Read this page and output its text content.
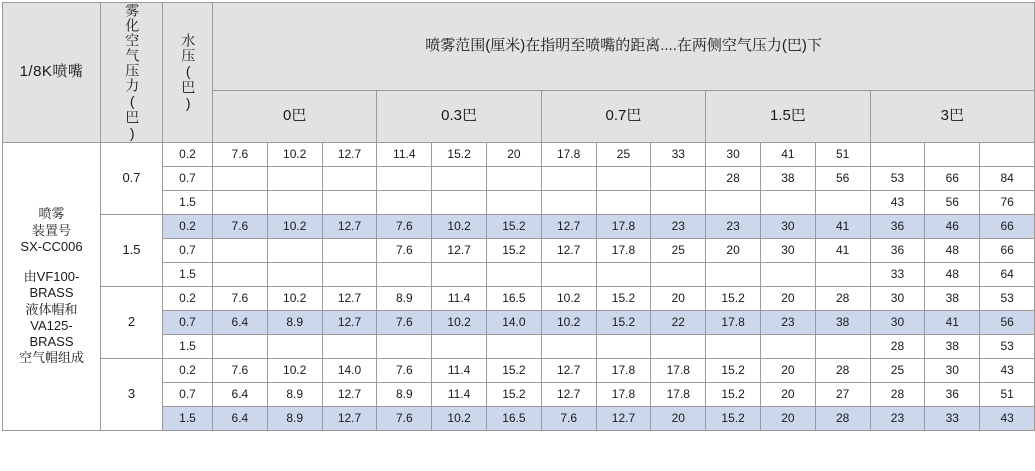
1/8K喷嘴	雾化空气压力(巴)	水压(巴)	喷雾范围(厘米)在指明至喷嘴的距离....在两侧空气压力(巴)下														
			0巴			0.3巴			0.7巴			1.5巴			3巴		

喷雾
装置号
SX-CC006
由VF100-
BRASS
液体帽和
VA125-
BRASS
空气帽组成
	0.7	0.2	7.6	10.2	12.7	11.4	15.2	20	17.8	25	33	30	41	51			
		0.7										28	38	56	53	66	84
		1.5													43	56	76
	1.5	0.2	7.6	10.2	12.7	7.6	10.2	15.2	12.7	17.8	23	23	30	41	36	46	66
		0.7				7.6	12.7	15.2	12.7	17.8	25	20	30	41	36	48	66
		1.5													33	48	64
	2	0.2	7.6	10.2	12.7	8.9	11.4	16.5	10.2	15.2	20	15.2	20	28	30	38	53
		0.7	6.4	8.9	12.7	7.6	10.2	14.0	10.2	15.2	22	17.8	23	38	30	41	56
		1.5													28	38	53
	3	0.2	7.6	10.2	14.0	7.6	11.4	15.2	12.7	17.8	17.8	15.2	20	28	25	30	43
		0.7	6.4	8.9	12.7	8.9	11.4	15.2	12.7	17.8	17.8	15.2	20	27	28	36	51
		1.5	6.4	8.9	12.7	7.6	10.2	16.5	7.6	12.7	20	15.2	20	28	23	33	43
